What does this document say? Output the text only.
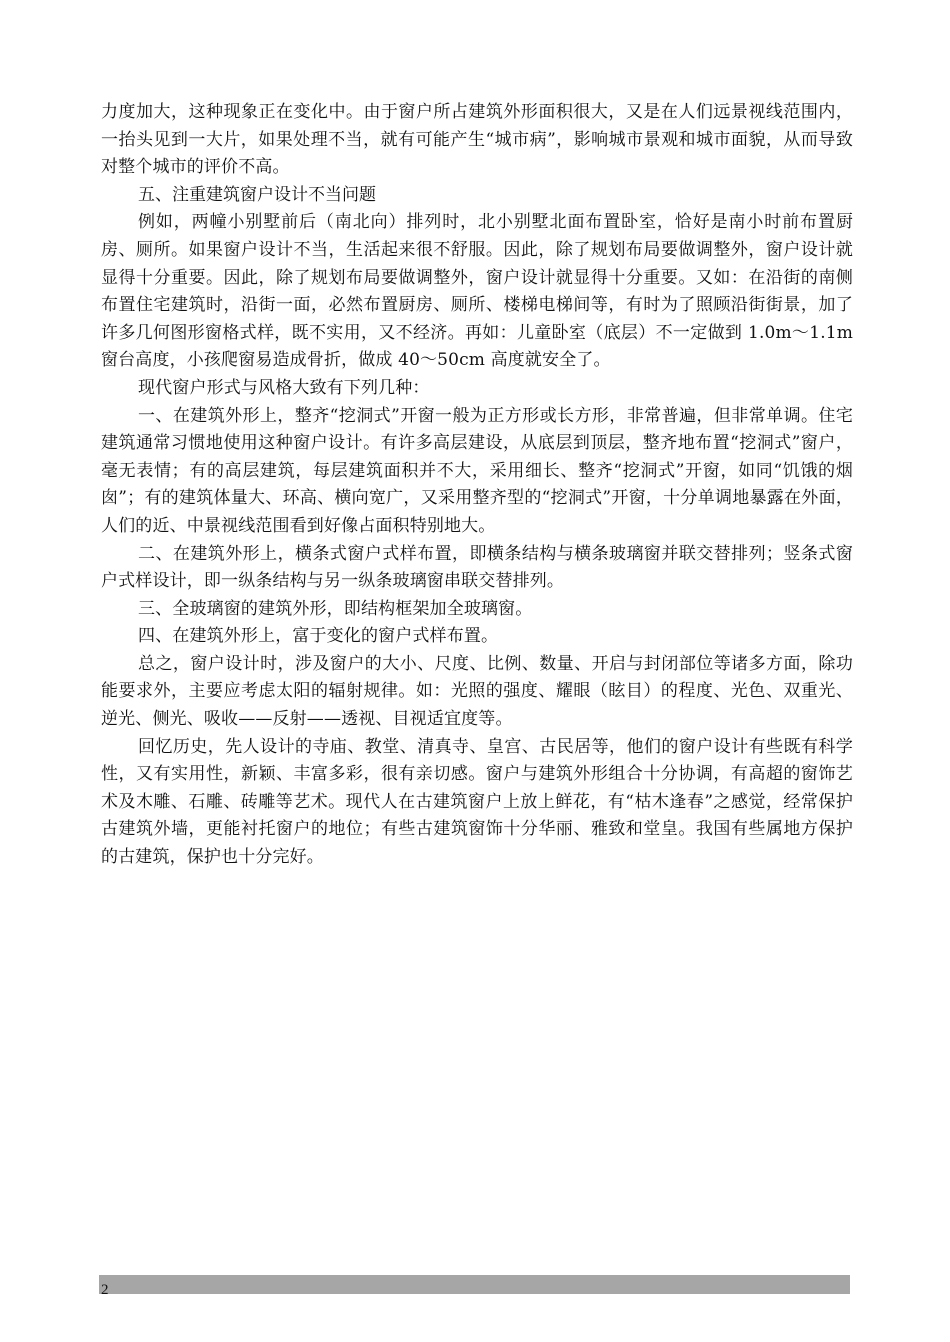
力度加大，这种现象正在变化中。由于窗户所占建筑外形面积很大，又是在人们远景视线范围内，一抬头见到一大片，如果处理不当，就有可能产生“城市病”，影响城市景观和城市面貌，从而导致对整个城市的评价不高。

五、注重建筑窗户设计不当问题

例如，两幢小别墅前后（南北向）排列时，北小别墅北面布置卧室，恰好是南小时前布置厨房、厕所。如果窗户设计不当，生活起来很不舒服。因此，除了规划布局要做调整外，窗户设计就显得十分重要。因此，除了规划布局要做调整外，窗户设计就显得十分重要。又如：在沿街的南侧布置住宅建筑时，沿街一面，必然布置厨房、厕所、楼梯电梯间等，有时为了照顾沿街街景，加了许多几何图形窗格式样，既不实用，又不经济。再如：儿童卧室（底层）不一定做到 1.0m～1.1m 窗台高度，小孩爬窗易造成骨折，做成 40～50cm 高度就安全了。

现代窗户形式与风格大致有下列几种：

一、在建筑外形上，整齐“挖洞式”开窗一般为正方形或长方形，非常普遍，但非常单调。住宅建筑通常习惯地使用这种窗户设计。有许多高层建设，从底层到顶层，整齐地布置“挖洞式”窗户，毫无表情；有的高层建筑，每层建筑面积并不大，采用细长、整齐“挖洞式”开窗，如同“饥饿的烟囱”；有的建筑体量大、环高、横向宽广，又采用整齐型的“挖洞式”开窗，十分单调地暴露在外面，人们的近、中景视线范围看到好像占面积特别地大。

二、在建筑外形上，横条式窗户式样布置，即横条结构与横条玻璃窗并联交替排列；竖条式窗户式样设计，即一纵条结构与另一纵条玻璃窗串联交替排列。

三、全玻璃窗的建筑外形，即结构框架加全玻璃窗。

四、在建筑外形上，富于变化的窗户式样布置。

总之，窗户设计时，涉及窗户的大小、尺度、比例、数量、开启与封闭部位等诸多方面，除功能要求外，主要应考虑太阳的辐射规律。如：光照的强度、耀眼（眩目）的程度、光色、双重光、逆光、侧光、吸收——反射——透视、目视适宜度等。

回忆历史，先人设计的寺庙、教堂、清真寺、皇宫、古民居等，他们的窗户设计有些既有科学性，又有实用性，新颖、丰富多彩，很有亲切感。窗户与建筑外形组合十分协调，有高超的窗饰艺术及木雕、石雕、砖雕等艺术。现代人在古建筑窗户上放上鲜花，有“枯木逢春”之感觉，经常保护古建筑外墙，更能衬托窗户的地位；有些古建筑窗饰十分华丽、雅致和堂皇。我国有些属地方保护的古建筑，保护也十分完好。

2
